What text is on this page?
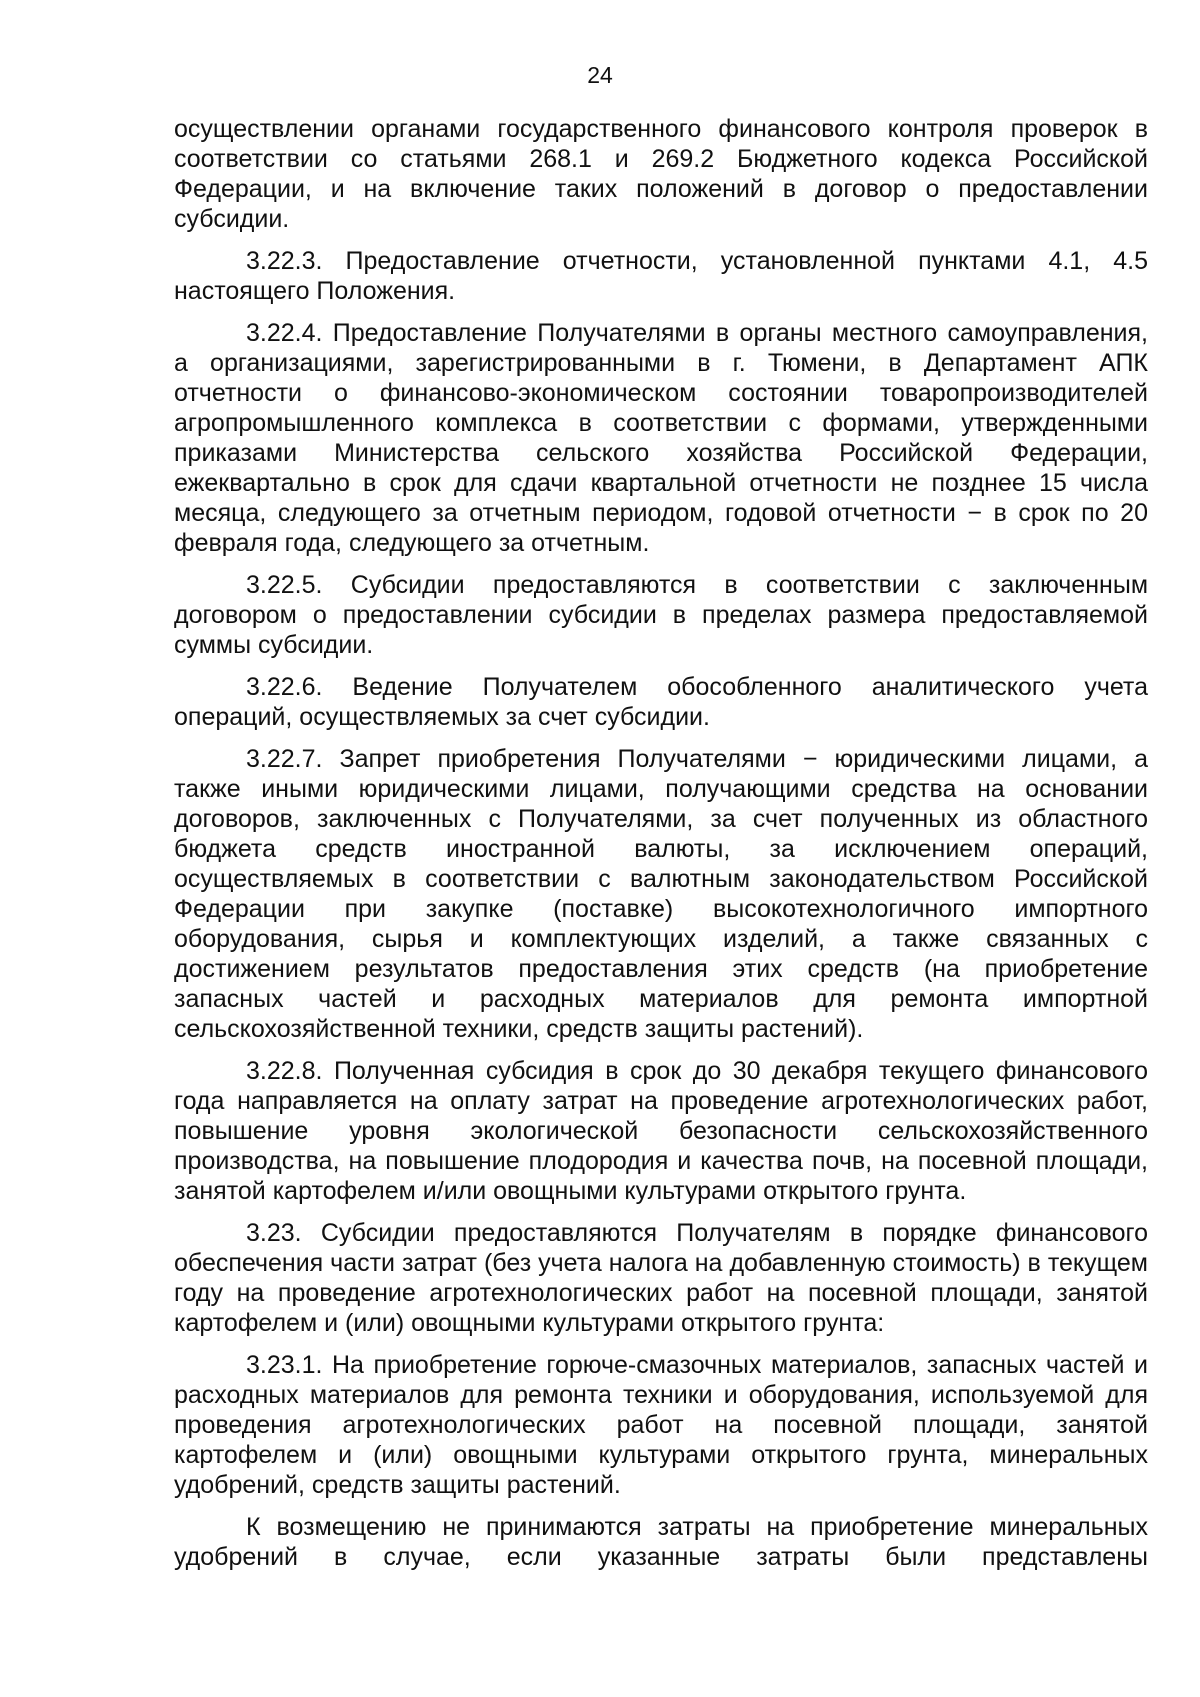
24

осуществлении органами государственного финансового контроля проверок в соответствии со статьями 268.1 и 269.2 Бюджетного кодекса Российской Федерации, и на включение таких положений в договор о предоставлении субсидии.

3.22.3. Предоставление отчетности, установленной пунктами 4.1, 4.5 настоящего Положения.

3.22.4. Предоставление Получателями в органы местного самоуправления, а организациями, зарегистрированными в г. Тюмени, в Департамент АПК отчетности о финансово-экономическом состоянии товаропроизводителей агропромышленного комплекса в соответствии с формами, утвержденными приказами Министерства сельского хозяйства Российской Федерации, ежеквартально в срок для сдачи квартальной отчетности не позднее 15 числа месяца, следующего за отчетным периодом, годовой отчетности − в срок по 20 февраля года, следующего за отчетным.

3.22.5. Субсидии предоставляются в соответствии с заключенным договором о предоставлении субсидии в пределах размера предоставляемой суммы субсидии.

3.22.6. Ведение Получателем обособленного аналитического учета операций, осуществляемых за счет субсидии.

3.22.7. Запрет приобретения Получателями − юридическими лицами, а также иными юридическими лицами, получающими средства на основании договоров, заключенных с Получателями, за счет полученных из областного бюджета средств иностранной валюты, за исключением операций, осуществляемых в соответствии с валютным законодательством Российской Федерации при закупке (поставке) высокотехнологичного импортного оборудования, сырья и комплектующих изделий, а также связанных с достижением результатов предоставления этих средств (на приобретение запасных частей и расходных материалов для ремонта импортной сельскохозяйственной техники, средств защиты растений).

3.22.8. Полученная субсидия в срок до 30 декабря текущего финансового года направляется на оплату затрат на проведение агротехнологических работ, повышение уровня экологической безопасности сельскохозяйственного производства, на повышение плодородия и качества почв, на посевной площади, занятой картофелем и/или овощными культурами открытого грунта.

3.23. Субсидии предоставляются Получателям в порядке финансового обеспечения части затрат (без учета налога на добавленную стоимость) в текущем году на проведение агротехнологических работ на посевной площади, занятой картофелем и (или) овощными культурами открытого грунта:

3.23.1. На приобретение горюче-смазочных материалов, запасных частей и расходных материалов для ремонта техники и оборудования, используемой для проведения агротехнологических работ на посевной площади, занятой картофелем и (или) овощными культурами открытого грунта, минеральных удобрений, средств защиты растений.

К возмещению не принимаются затраты на приобретение минеральных удобрений в случае, если указанные затраты были представлены
